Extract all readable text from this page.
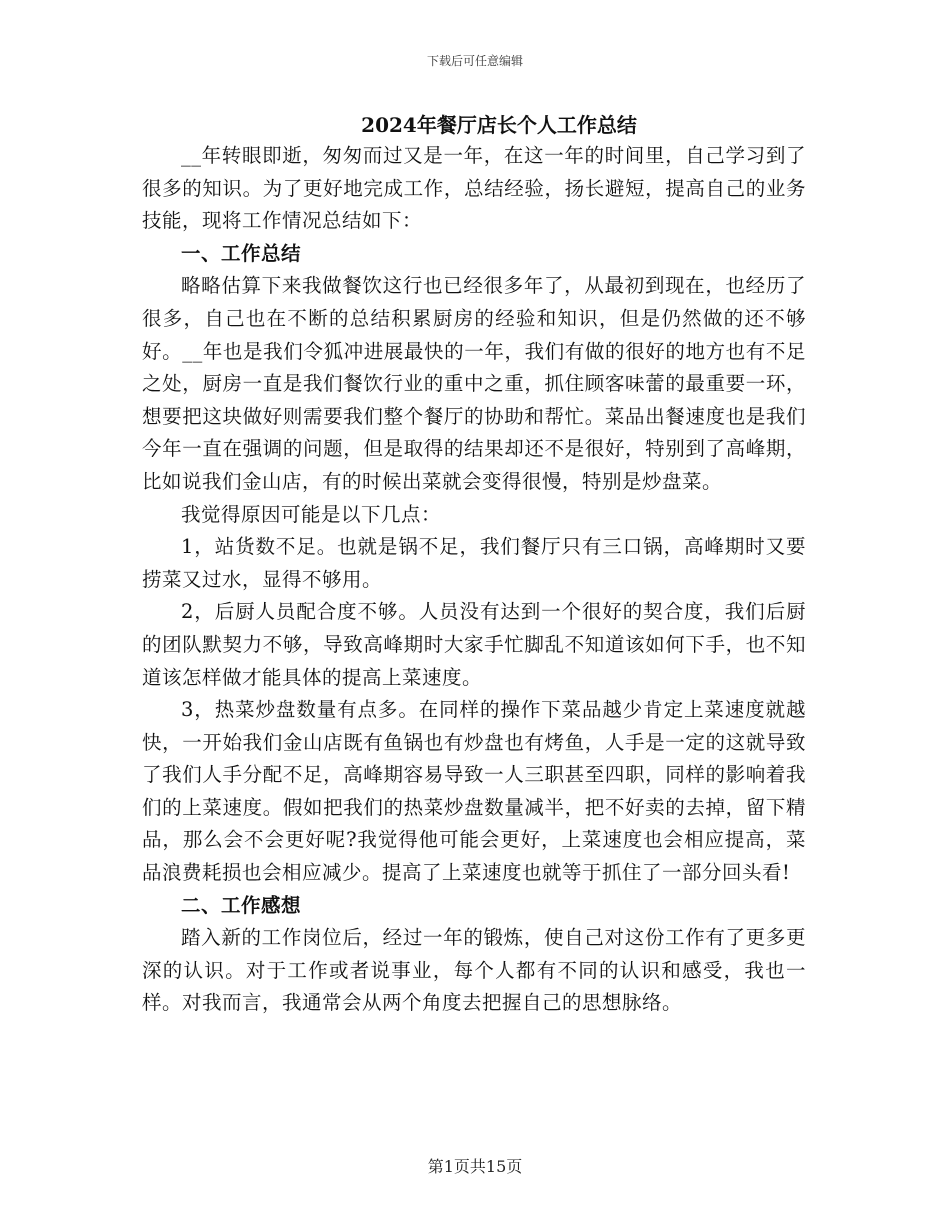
下载后可任意编辑
2024年餐厅店长个人工作总结

__年转眼即逝，匆匆而过又是一年，在这一年的时间里，自己学习到了很多的知识。为了更好地完成工作，总结经验，扬长避短，提高自己的业务技能，现将工作情况总结如下：

一、工作总结

略略估算下来我做餐饮这行也已经很多年了，从最初到现在，也经历了很多，自己也在不断的总结积累厨房的经验和知识，但是仍然做的还不够好。__年也是我们令狐冲进展最快的一年，我们有做的很好的地方也有不足之处，厨房一直是我们餐饮行业的重中之重，抓住顾客味蕾的最重要一环，想要把这块做好则需要我们整个餐厅的协助和帮忙。菜品出餐速度也是我们今年一直在强调的问题，但是取得的结果却还不是很好，特别到了高峰期，比如说我们金山店，有的时候出菜就会变得很慢，特别是炒盘菜。

我觉得原因可能是以下几点：

1，站货数不足。也就是锅不足，我们餐厅只有三口锅，高峰期时又要捞菜又过水，显得不够用。

2，后厨人员配合度不够。人员没有达到一个很好的契合度，我们后厨的团队默契力不够，导致高峰期时大家手忙脚乱不知道该如何下手，也不知道该怎样做才能具体的提高上菜速度。

3，热菜炒盘数量有点多。在同样的操作下菜品越少肯定上菜速度就越快，一开始我们金山店既有鱼锅也有炒盘也有烤鱼，人手是一定的这就导致了我们人手分配不足，高峰期容易导致一人三职甚至四职，同样的影响着我们的上菜速度。假如把我们的热菜炒盘数量减半，把不好卖的去掉，留下精品，那么会不会更好呢?我觉得他可能会更好，上菜速度也会相应提高，菜品浪费耗损也会相应减少。提高了上菜速度也就等于抓住了一部分回头看!

二、工作感想

踏入新的工作岗位后，经过一年的锻炼，使自己对这份工作有了更多更深的认识。对于工作或者说事业，每个人都有不同的认识和感受，我也一样。对我而言，我通常会从两个角度去把握自己的思想脉络。

第1页共15页
